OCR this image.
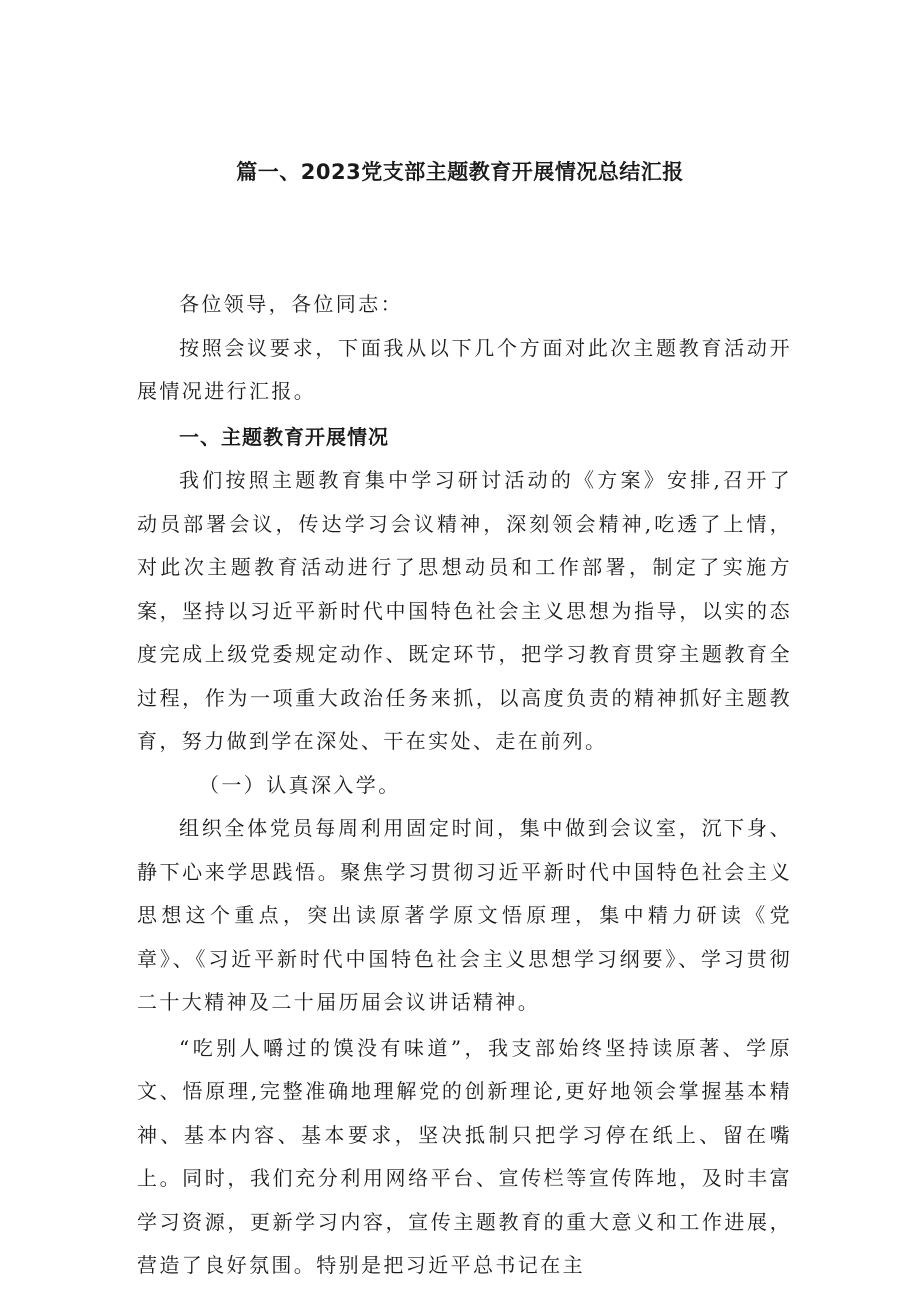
篇一、2023党支部主题教育开展情况总结汇报

各位领导，各位同志：

按照会议要求，下面我从以下几个方面对此次主题教育活动开展情况进行汇报。

一、主题教育开展情况

我们按照主题教育集中学习研讨活动的《方案》安排,召开了动员部署会议，传达学习会议精神，深刻领会精神,吃透了上情，对此次主题教育活动进行了思想动员和工作部署，制定了实施方案，坚持以习近平新时代中国特色社会主义思想为指导，以实的态度完成上级党委规定动作、既定环节，把学习教育贯穿主题教育全过程，作为一项重大政治任务来抓，以高度负责的精神抓好主题教育，努力做到学在深处、干在实处、走在前列。

（一）认真深入学。

组织全体党员每周利用固定时间，集中做到会议室，沉下身、静下心来学思践悟。聚焦学习贯彻习近平新时代中国特色社会主义思想这个重点，突出读原著学原文悟原理，集中精力研读《党章》、《习近平新时代中国特色社会主义思想学习纲要》、学习贯彻二十大精神及二十届历届会议讲话精神。

“吃别人嚼过的馍没有味道”，我支部始终坚持读原著、学原文、悟原理,完整准确地理解党的创新理论,更好地领会掌握基本精神、基本内容、基本要求，坚决抵制只把学习停在纸上、留在嘴上。同时，我们充分利用网络平台、宣传栏等宣传阵地，及时丰富学习资源，更新学习内容，宣传主题教育的重大意义和工作进展，营造了良好氛围。特别是把习近平总书记在主
